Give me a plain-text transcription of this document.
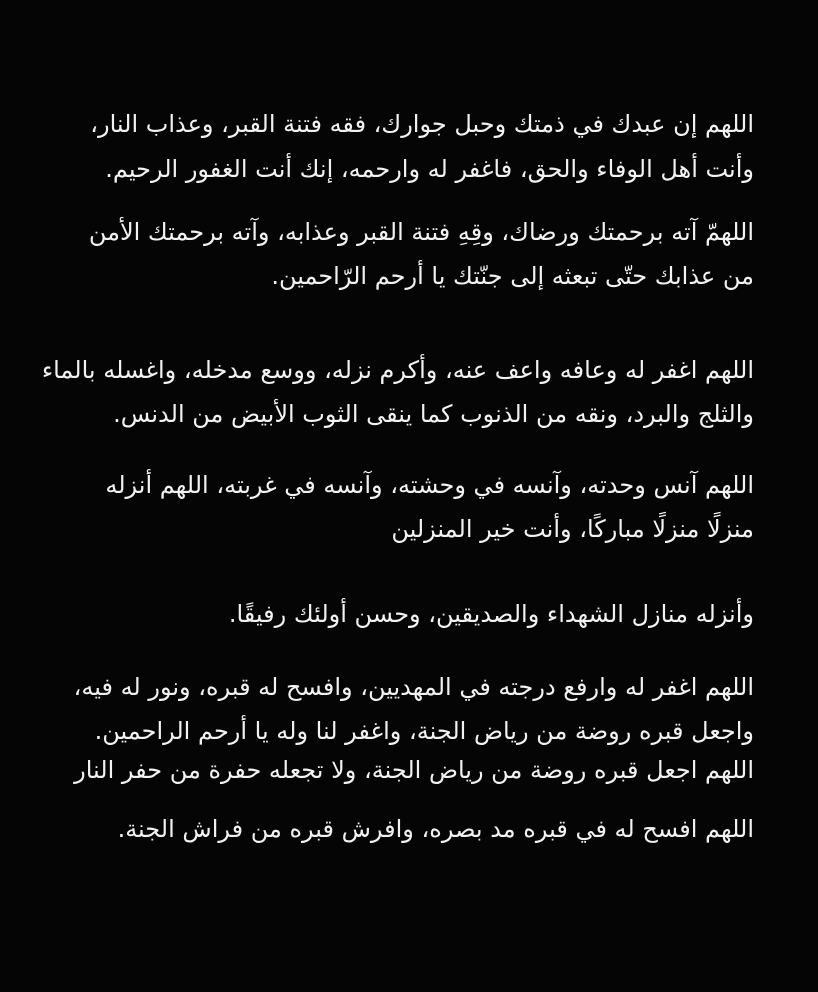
اللهم إن عبدك في ذمتك وحبل جوارك، فقه فتنة القبر، وعذاب النار،
وأنت أهل الوفاء والحق، فاغفر له وارحمه، إنك أنت الغفور الرحيم.
اللهمّ آته برحمتك ورضاك، وقِهِ فتنة القبر وعذابه، وآته برحمتك الأمن
من عذابك حتّى تبعثه إلى جنّتك يا أرحم الرّاحمين.
اللهم اغفر له وعافه واعف عنه، وأكرم نزله، ووسع مدخله، واغسله بالماء
والثلج والبرد، ونقه من الذنوب كما ينقى الثوب الأبيض من الدنس.
اللهم آنس وحدته، وآنسه في وحشته، وآنسه في غربته، اللهم أنزله
منزلًا منزلًا مباركًا، وأنت خير المنزلين
وأنزله منازل الشهداء والصديقين، وحسن أولئك رفيقًا.
اللهم اغفر له وارفع درجته في المهديين، وافسح له قبره، ونور له فيه،
واجعل قبره روضة من رياض الجنة، واغفر لنا وله يا أرحم الراحمين.
اللهم اجعل قبره روضة من رياض الجنة، ولا تجعله حفرة من حفر النار
اللهم افسح له في قبره مد بصره، وافرش قبره من فراش الجنة.
